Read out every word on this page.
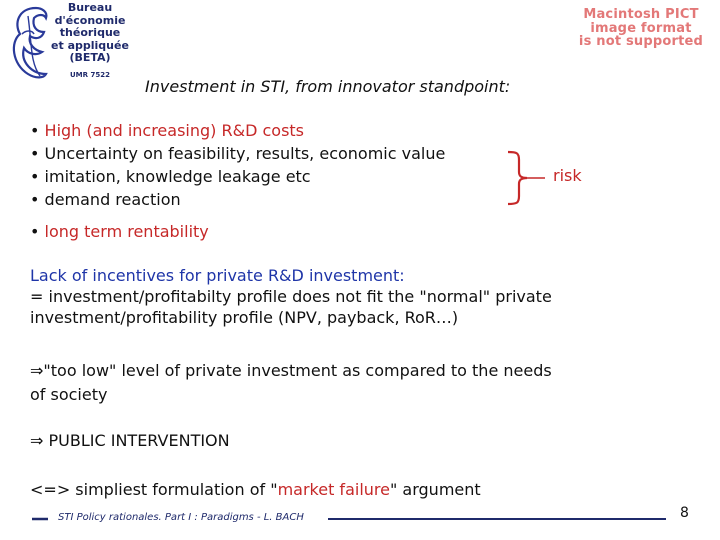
Bureau
d'économie
théorique
et appliquée
(BETA)
UMR 7522
Macintosh PICT
image format
is not supported
Investment in STI, from innovator standpoint:
• High (and increasing) R&D costs
• Uncertainty on feasibility, results, economic value
• imitation, knowledge leakage etc
• demand reaction
risk
• long term rentability
Lack of incentives for private R&D investment:
= investment/profitabilty profile does not fit the "normal" private
investment/profitability profile (NPV, payback, RoR…)
⇒"too low" level of private investment as compared to the needs
of society
⇒ PUBLIC INTERVENTION
<=> simpliest formulation of "market failure" argument
STI Policy rationales. Part I : Paradigms - L. BACH	8
